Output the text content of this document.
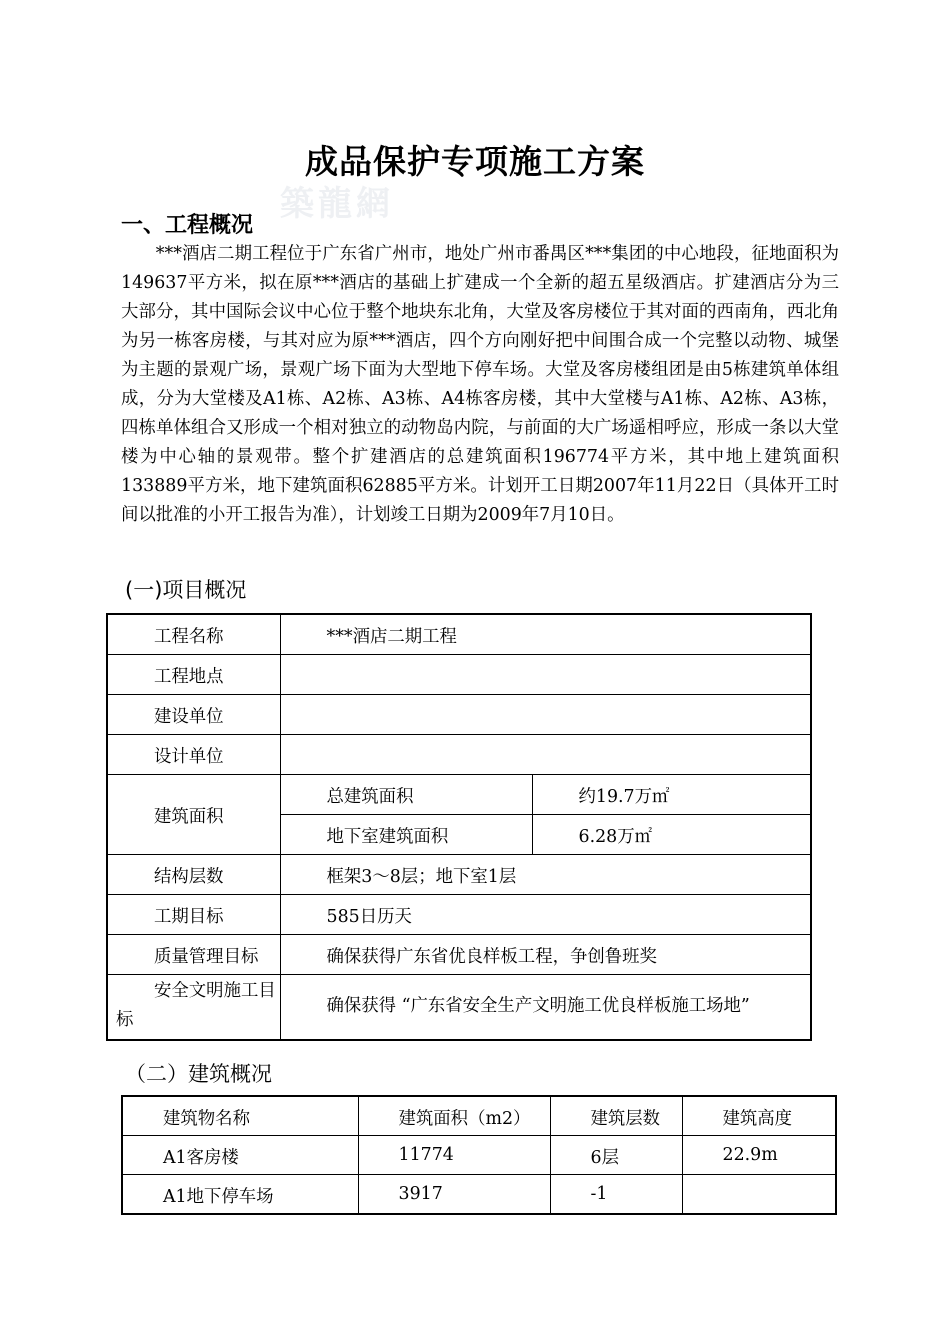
築龍網
成品保护专项施工方案
一、工程概况

***酒店二期工程位于广东省广州市，地处广州市番禺区***集团的中心地段，征地面积为149637平方米，拟在原***酒店的基础上扩建成一个全新的超五星级酒店。扩建酒店分为三大部分，其中国际会议中心位于整个地块东北角，大堂及客房楼位于其对面的西南角，西北角为另一栋客房楼，与其对应为原***酒店，四个方向刚好把中间围合成一个完整以动物、城堡为主题的景观广场，景观广场下面为大型地下停车场。大堂及客房楼组团是由5栋建筑单体组成，分为大堂楼及A1栋、A2栋、A3栋、A4栋客房楼，其中大堂楼与A1栋、A2栋、A3栋，四栋单体组合又形成一个相对独立的动物岛内院，与前面的大广场遥相呼应，形成一条以大堂楼为中心轴的景观带。整个扩建酒店的总建筑面积196774平方米，其中地上建筑面积133889平方米，地下建筑面积62885平方米。计划开工日期2007年11月22日（具体开工时间以批准的小开工报告为准），计划竣工日期为2009年7月10日。

(一)项目概况
工程名称	***酒店二期工程	
工程地点		
建设单位		
设计单位		
建筑面积	总建筑面积	约19.7万㎡
	地下室建筑面积	6.28万㎡
结构层数	框架3～8层；地下室1层	
工期目标	585日历天	
质量管理目标	确保获得广东省优良样板工程，争创鲁班奖	
安全文明施工目标	确保获得 “广东省安全生产文明施工优良样板施工场地”	
（二）建筑概况
建筑物名称	建筑面积（m2）	建筑层数	建筑高度
A1客房楼	11774	6层	22.9m
A1地下停车场	3917	-1	
